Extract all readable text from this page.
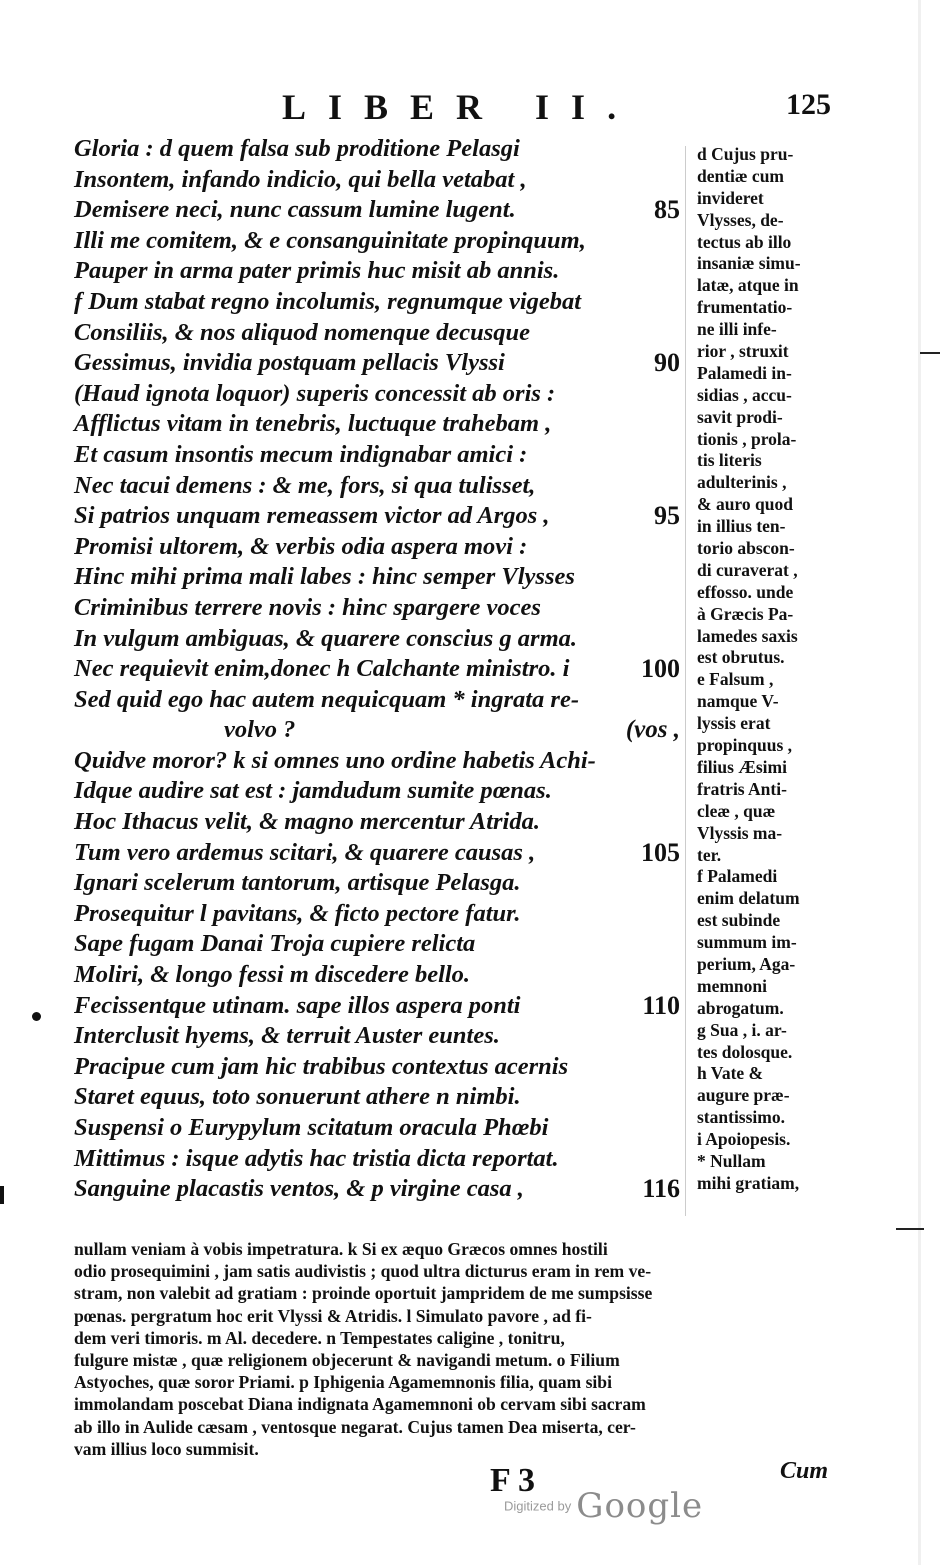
LIBER II.	125
Gloria : d quem falsa sub proditione Pelasgi
Insontem, infando indicio, qui bella vetabat ,
Demisere neci, nunc cassum lumine lugent.	85
Illi me comitem, & e consanguinitate propinquum,
Pauper in arma pater primis huc misit ab annis.
f Dum stabat regno incolumis, regnumque vigebat
Consiliis, & nos aliquod nomenque decusque
Gessimus, invidia postquam pellacis Vlyssi	90
(Haud ignota loquor) superis concessit ab oris :
Afflictus vitam in tenebris, luctuque trahebam ,
Et casum insontis mecum indignabar amici :
Nec tacui demens : & me, fors, si qua tulisset,
Si patrios unquam remeassem victor ad Argos ,	95
Promisi ultorem, & verbis odia aspera movi :
Hinc mihi prima mali labes : hinc semper Vlysses
Criminibus terrere novis : hinc spargere voces
In vulgum ambiguas, & quarere conscius g arma.
Nec requievit enim,donec h Calchante ministro. i	100
Sed quid ego hac autem nequicquam * ingrata re-
volvo ?	(vos ,
Quidve moror? k si omnes uno ordine habetis Achi-
Idque audire sat est : jamdudum sumite pœnas.
Hoc Ithacus velit, & magno mercentur Atrida.
Tum vero ardemus scitari, & quarere causas ,	105
Ignari scelerum tantorum, artisque Pelasga.
Prosequitur l pavitans, & ficto pectore fatur.
Sape fugam Danai Troja cupiere relicta
Moliri, & longo fessi m discedere bello.
Fecissentque utinam. sape illos aspera ponti	110
Interclusit hyems, & terruit Auster euntes.
Pracipue cum jam hic trabibus contextus acernis
Staret equus, toto sonuerunt athere n nimbi.
Suspensi o Eurypylum scitatum oracula Phœbi
Mittimus : isque adytis hac tristia dicta reportat.
Sanguine placastis ventos, & p virgine casa ,	116
d Cujus pru-
dentiæ cum
invideret
Vlysses, de-
tectus ab illo
insaniæ simu-
latæ, atque in
frumentatio-
ne illi infe-
rior , struxit
Palamedi in-
sidias , accu-
savit prodi-
tionis , prola-
tis literis
adulterinis ,
& auro quod
in illius ten-
torio abscon-
di curaverat ,
effosso. unde
à Græcis Pa-
lamedes saxis
est obrutus.
e Falsum ,
namque V-
lyssis erat
propinquus ,
filius Æsimi
fratris Anti-
cleæ , quæ
Vlyssis ma-
ter.
f Palamedi
enim delatum
est subinde
summum im-
perium, Aga-
memnoni
abrogatum.
g Sua , i. ar-
tes dolosque.
h Vate &
augure præ-
stantissimo.
i Apoiopesis.
* Nullam
mihi gratiam,
nullam veniam à vobis impetratura. k Si ex æquo Græcos omnes hostili
odio prosequimini , jam satis audivistis ; quod ultra dicturus eram in rem ve-
stram, non valebit ad gratiam : proinde oportuit jampridem de me sumpsisse
pœnas. pergratum hoc erit Vlyssi & Atridis. l Simulato pavore , ad fi-
dem veri timoris. m Al. decedere. n Tempestates caligine , tonitru,
fulgure mistæ , quæ religionem objecerunt & navigandi metum. o Filium
Astyoches, quæ soror Priami. p Iphigenia Agamemnonis filia, quam sibi
immolandam poscebat Diana indignata Agamemnoni ob cervam sibi sacram
ab illo in Aulide cæsam , ventosque negarat. Cujus tamen Dea miserta, cer-
vam illius loco summisit.
F 3	Cum
Digitized by Google
